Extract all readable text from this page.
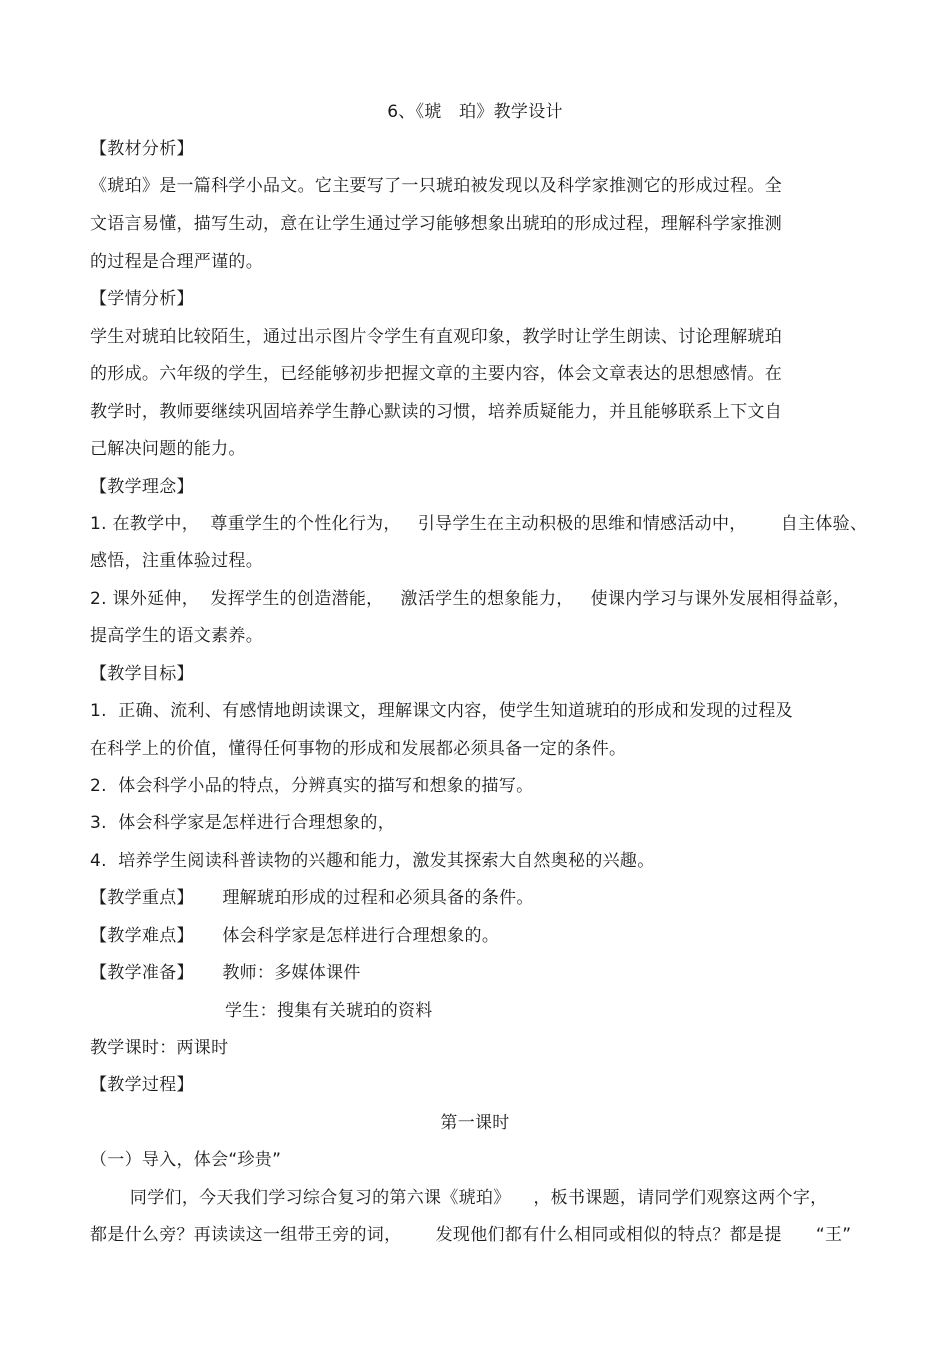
6、《琥　珀》教学设计
【教材分析】
《琥珀》是一篇科学小品文。它主要写了一只琥珀被发现以及科学家推测它的形成过程。全
文语言易懂，描写生动，意在让学生通过学习能够想象出琥珀的形成过程，理解科学家推测
的过程是合理严谨的。
【学情分析】
学生对琥珀比较陌生，通过出示图片令学生有直观印象，教学时让学生朗读、讨论理解琥珀
的形成。六年级的学生，已经能够初步把握文章的主要内容，体会文章表达的思想感情。在
教学时，教师要继续巩固培养学生静心默读的习惯，培养质疑能力，并且能够联系上下文自
己解决问题的能力。
【教学理念】
1. 在教学中，  尊重学生的个性化行为，   引导学生在主动积极的思维和情感活动中，      自主体验、
感悟，注重体验过程。
2. 课外延伸，  发挥学生的创造潜能，   激活学生的想象能力，   使课内学习与课外发展相得益彰，
提高学生的语文素养。
【教学目标】
1.  正确、流利、有感情地朗读课文，理解课文内容，使学生知道琥珀的形成和发现的过程及
在科学上的价值，懂得任何事物的形成和发展都必须具备一定的条件。
2.  体会科学小品的特点，分辨真实的描写和想象的描写。
3.  体会科学家是怎样进行合理想象的，
4.  培养学生阅读科普读物的兴趣和能力，激发其探索大自然奥秘的兴趣。
【教学重点】     理解琥珀形成的过程和必须具备的条件。
【教学难点】     体会科学家是怎样进行合理想象的。
【教学准备】     教师：多媒体课件
学生：搜集有关琥珀的资料
教学课时：两课时
【教学过程】
第一课时
（一）导入，体会“珍贵”
同学们，今天我们学习综合复习的第六课《琥珀》    ，板书课题，请同学们观察这两个字，
都是什么旁？再读读这一组带王旁的词，      发现他们都有什么相同或相似的特点？都是提      “王”
